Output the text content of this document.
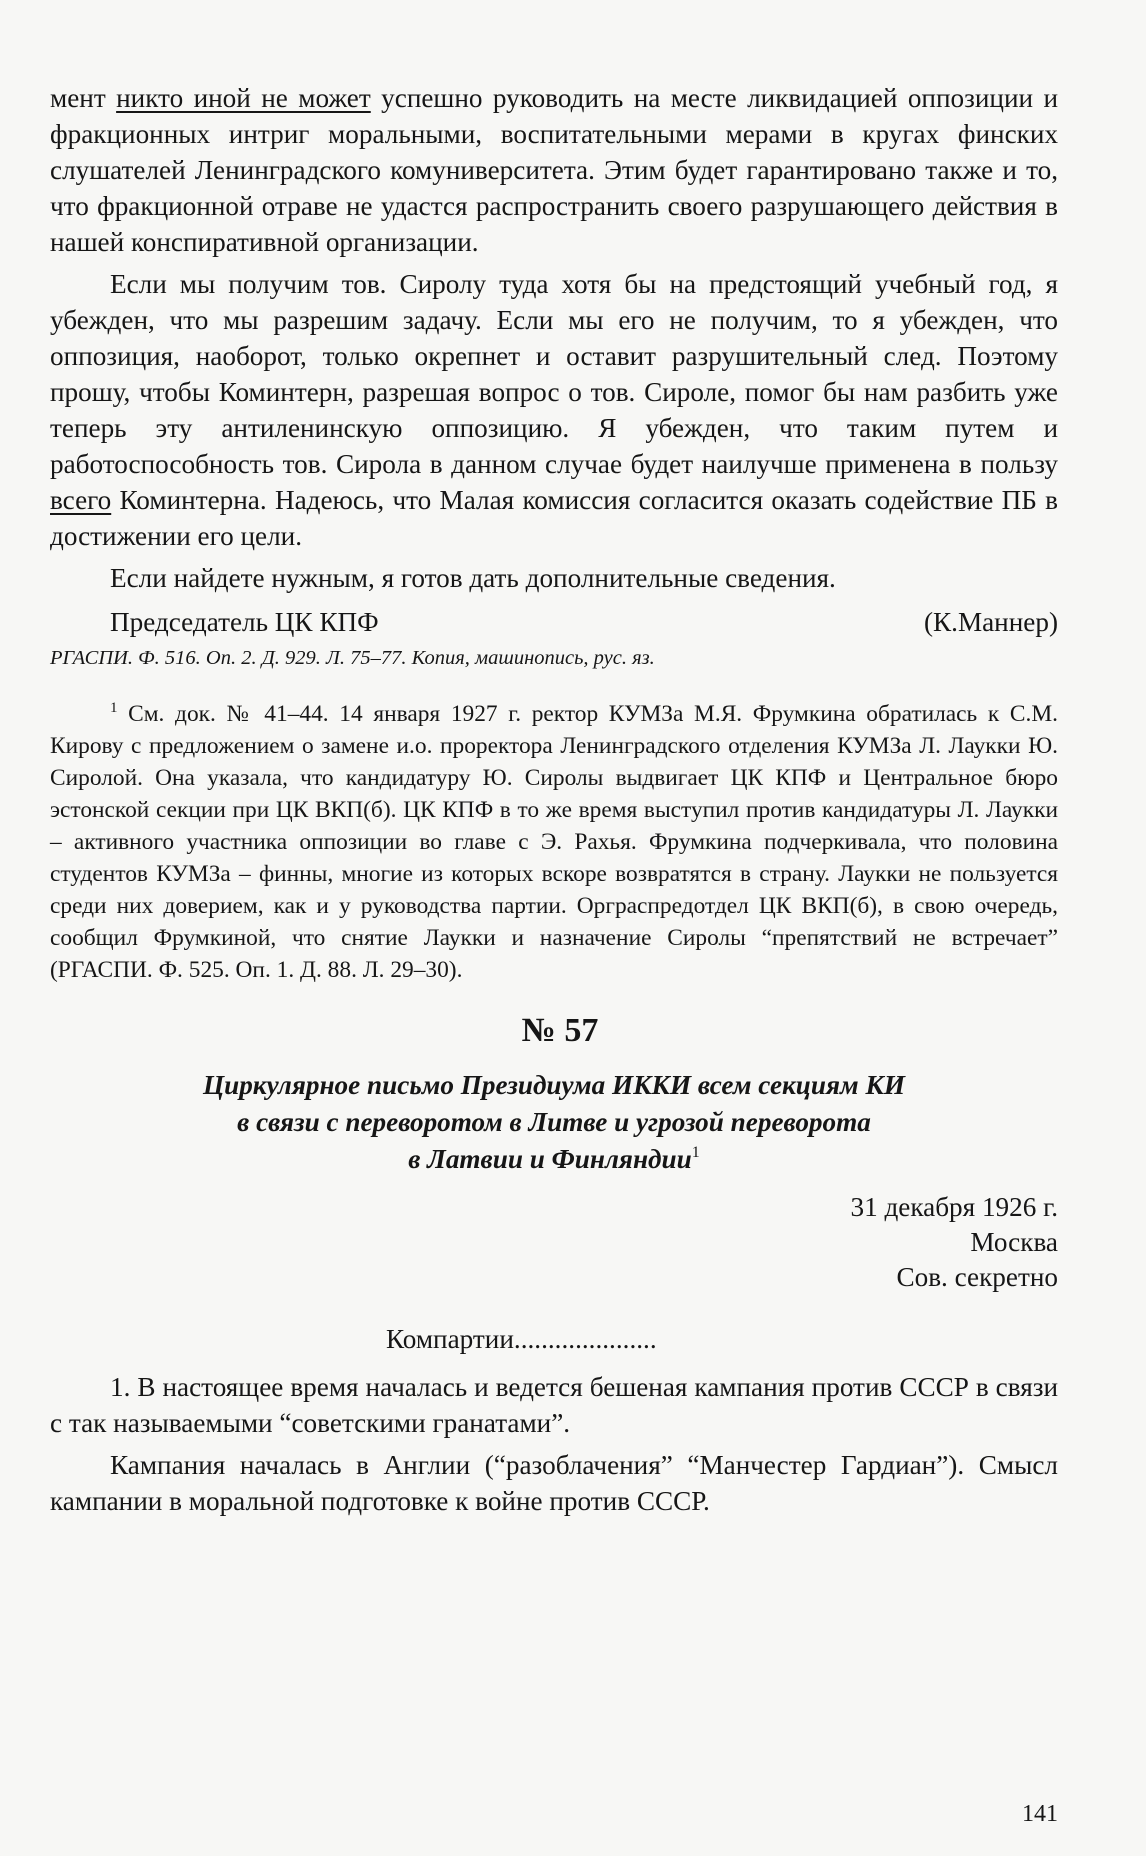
мент никто иной не может успешно руководить на месте ликвидацией оппозиции и фракционных интриг моральными, воспитательными мерами в кругах финских слушателей Ленинградского комуниверситета. Этим будет гарантировано также и то, что фракционной отраве не удастся распространить своего разрушающего действия в нашей конспиративной организации.

Если мы получим тов. Сиролу туда хотя бы на предстоящий учебный год, я убежден, что мы разрешим задачу. Если мы его не получим, то я убежден, что оппозиция, наоборот, только окрепнет и оставит разрушительный след. Поэтому прошу, чтобы Коминтерн, разрешая вопрос о тов. Сироле, помог бы нам разбить уже теперь эту антиленинскую оппозицию. Я убежден, что таким путем и работоспособность тов. Сирола в данном случае будет наилучше применена в пользу всего Коминтерна. Надеюсь, что Малая комиссия согласится оказать содействие ПБ в достижении его цели.

Если найдете нужным, я готов дать дополнительные сведения.

Председатель ЦК КПФ	(К.Маннер)
РГАСПИ. Ф. 516. Оп. 2. Д. 929. Л. 75–77. Копия, машинопись, рус. яз.

$^1$ См. док. № 41–44. 14 января 1927 г. ректор КУМЗа М.Я. Фрумкина обратилась к С.М. Кирову с предложением о замене и.о. проректора Ленинградского отделения КУМЗа Л. Лаукки Ю. Сиролой. Она указала, что кандидатуру Ю. Сиролы выдвигает ЦК КПФ и Центральное бюро эстонской секции при ЦК ВКП(б). ЦК КПФ в то же время выступил против кандидатуры Л. Лаукки – активного участника оппозиции во главе с Э. Рахья. Фрумкина подчеркивала, что половина студентов КУМЗа – финны, многие из которых вскоре возвратятся в страну. Лаукки не пользуется среди них доверием, как и у руководства партии. Орграспредотдел ЦК ВКП(б), в свою очередь, сообщил Фрумкиной, что снятие Лаукки и назначение Сиролы “препятствий не встречает” (РГАСПИ. Ф. 525. Оп. 1. Д. 88. Л. 29–30).

№ 57
Циркулярное письмо Президиума ИККИ всем секциям КИ
в связи с переворотом в Литве и угрозой переворота
в Латвии и Финляндии$^1$
31 декабря 1926 г.
Москва
Сов. секретно
Компартии.....................

1. В настоящее время началась и ведется бешеная кампания против СССР в связи с так называемыми “советскими гранатами”.

Кампания началась в Англии (“разоблачения” “Манчестер Гардиан”). Смысл кампании в моральной подготовке к войне против СССР.

141
